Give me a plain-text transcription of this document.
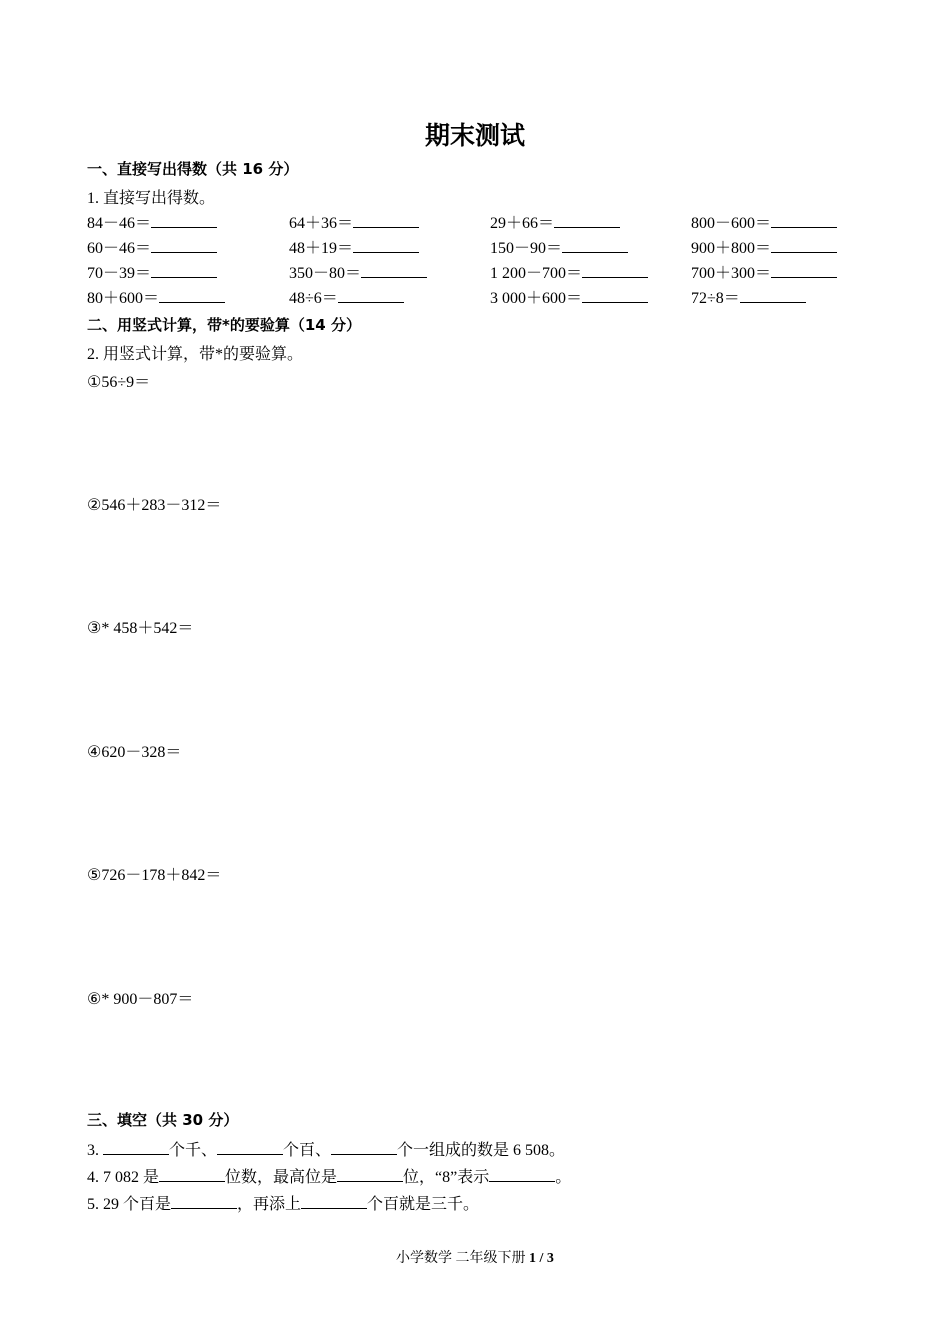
期末测试
一、直接写出得数（共 16 分）
1. 直接写出得数。
84－46＝	64＋36＝	29＋66＝	800－600＝
60－46＝	48＋19＝	150－90＝	900＋800＝
70－39＝	350－80＝	1 200－700＝	700＋300＝
80＋600＝	48÷6＝	3 000＋600＝	72÷8＝
二、用竖式计算，带*的要验算（14 分）
2. 用竖式计算，带*的要验算。
①56÷9＝
②546＋283－312＝
③* 458＋542＝
④620－328＝
⑤726－178＋842＝
⑥* 900－807＝
三、填空（共 30 分）
3.	个千、	个百、	个一组成的数是 6 508。
4. 7 082 是	位数，最高位是	位，“8”表示	。
5. 29 个百是	，再添上	个百就是三千。
小学数学 二年级下册 1 / 3
